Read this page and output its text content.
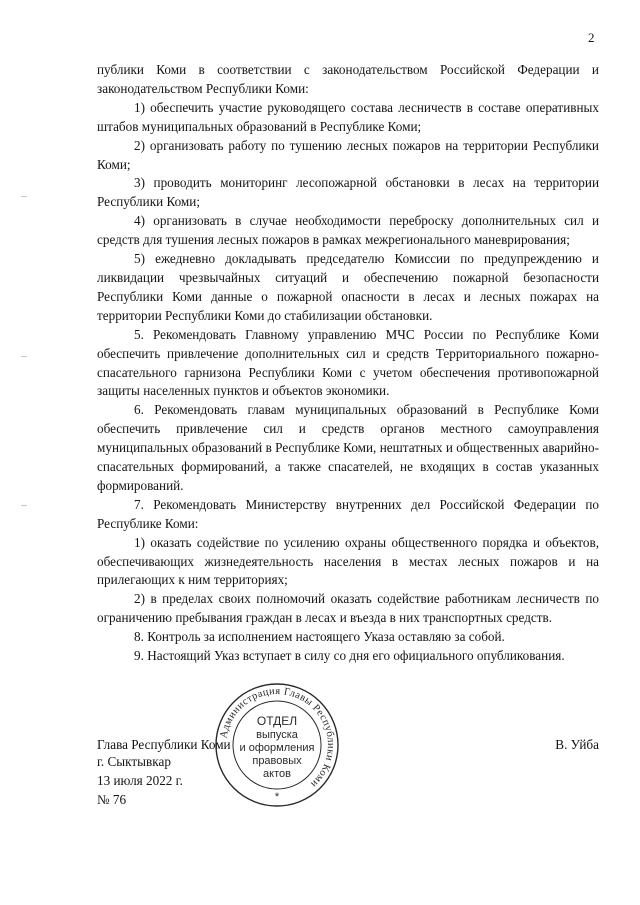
2

публики Коми в соответствии с законодательством Российской Федерации и законодательством Республики Коми:

1) обеспечить участие руководящего состава лесничеств в составе оперативных штабов муниципальных образований в Республике Коми;

2) организовать работу по тушению лесных пожаров на территории Республики Коми;

3) проводить мониторинг лесопожарной обстановки в лесах на территории Республики Коми;

4) организовать в случае необходимости переброску дополнительных сил и средств для тушения лесных пожаров в рамках межрегионального маневрирования;

5) ежедневно докладывать председателю Комиссии по предупреждению и ликвидации чрезвычайных ситуаций и обеспечению пожарной безопасности Республики Коми данные о пожарной опасности в лесах и лесных пожарах на территории Республики Коми до стабилизации обстановки.

5. Рекомендовать Главному управлению МЧС России по Республике Коми обеспечить привлечение дополнительных сил и средств Территориального пожарно-спасательного гарнизона Республики Коми с учетом обеспечения противопожарной защиты населенных пунктов и объектов экономики.

6. Рекомендовать главам муниципальных образований в Республике Коми обеспечить привлечение сил и средств органов местного самоуправления муниципальных образований в Республике Коми, нештатных и общественных аварийно-спасательных формирований, а также спасателей, не входящих в состав указанных формирований.

7. Рекомендовать Министерству внутренних дел Российской Федерации по Республике Коми:

1) оказать содействие по усилению охраны общественного порядка и объектов, обеспечивающих жизнедеятельность населения в местах лесных пожаров и на прилегающих к ним территориях;

2) в пределах своих полномочий оказать содействие работникам лесничеств по ограничению пребывания граждан в лесах и въезда в них транспортных средств.

8. Контроль за исполнением настоящего Указа оставляю за собой.

9. Настоящий Указ вступает в силу со дня его официального опубликования.

Глава Республики Коми	В. Уйба
г. Сыктывкар
13 июля 2022 г.
№ 76
Администрация Главы Республики Коми
ОТДЕЛ
выпуска
и оформления
правовых
актов
*
